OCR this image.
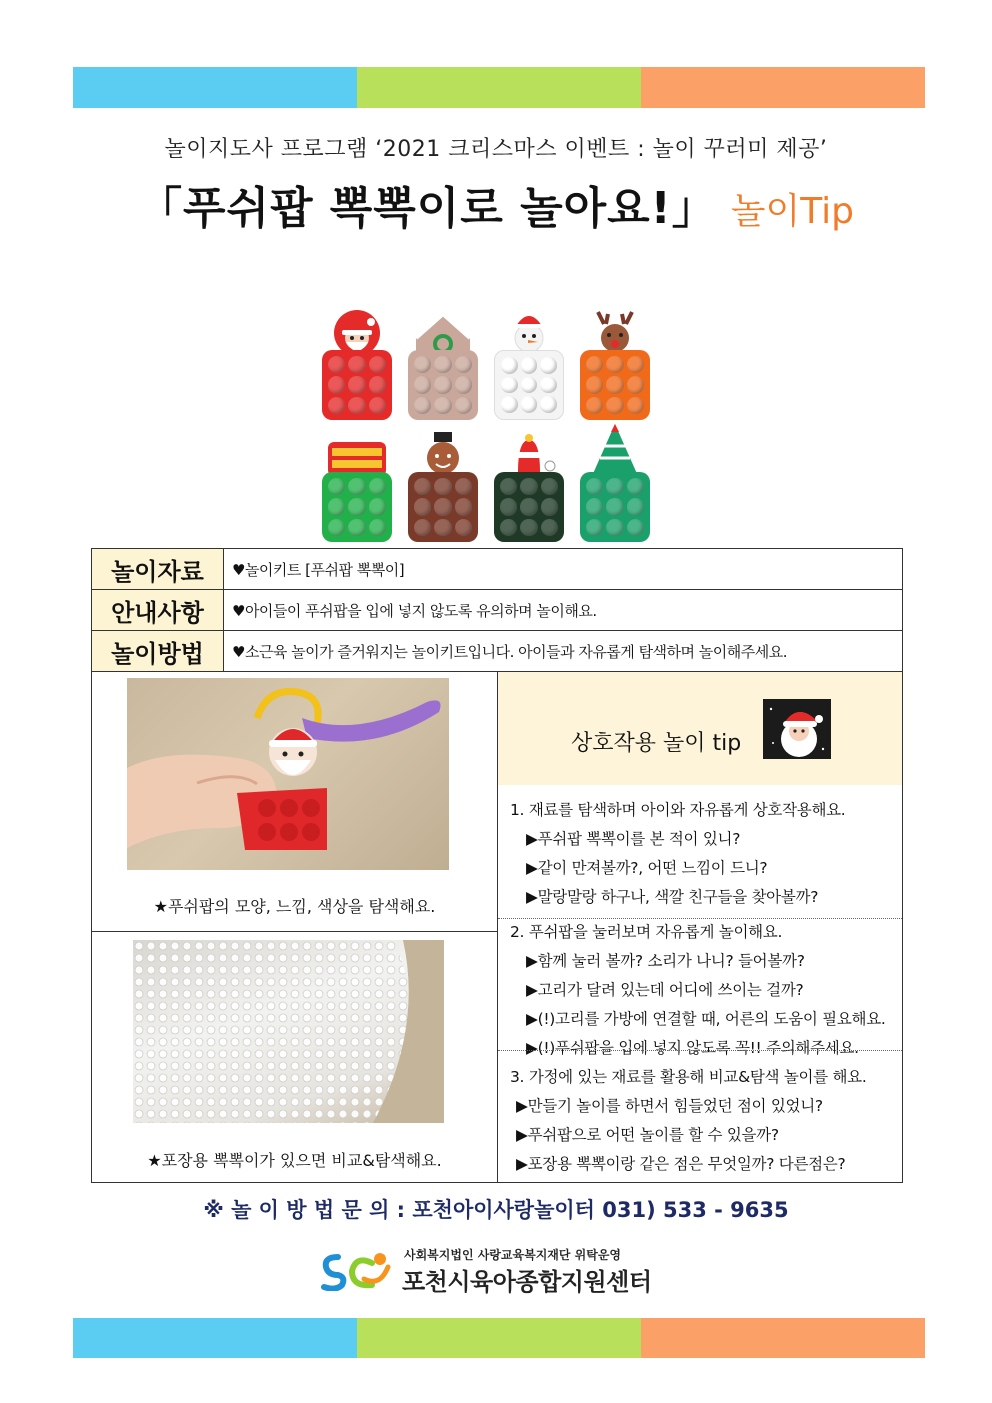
놀이지도사 프로그램 ‘2021 크리스마스 이벤트 : 놀이 꾸러미 제공’
「푸쉬팝 뽁뽁이로 놀아요!」 놀이Tip
놀이자료	♥놀이키트 [푸쉬팝 뽁뽁이]
안내사항	♥아이들이 푸쉬팝을 입에 넣지 않도록 유의하며 놀이해요.
놀이방법	♥소근육 놀이가 즐거워지는 놀이키트입니다. 아이들과 자유롭게 탐색하며 놀이해주세요.
★푸쉬팝의 모양, 느낌, 색상을 탐색해요.
★포장용 뽁뽁이가 있으면 비교&탐색해요.
상호작용 놀이 tip
1. 재료를 탐색하며 아이와 자유롭게 상호작용해요.
▶푸쉬팝 뽁뽁이를 본 적이 있니?
▶같이 만져볼까?, 어떤 느낌이 드니?
▶말랑말랑 하구나, 색깔 친구들을 찾아볼까?
2. 푸쉬팝을 눌러보며 자유롭게 놀이해요.
▶함께 눌러 볼까? 소리가 나니? 들어볼까?
▶고리가 달려 있는데 어디에 쓰이는 걸까?
▶(!)고리를 가방에 연결할 때, 어른의 도움이 필요해요.
▶(!)푸쉬팝을 입에 넣지 않도록 꼭!! 주의해주세요.
3. 가정에 있는 재료를 활용해 비교&탐색 놀이를 해요.
▶만들기 놀이를 하면서 힘들었던 점이 있었니?
▶푸쉬팝으로 어떤 놀이를 할 수 있을까?
▶포장용 뽁뽁이랑 같은 점은 무엇일까? 다른점은?
※ 놀 이 방 법 문 의 : 포천아이사랑놀이터 031) 533 - 9635
사회복지법인 사랑교육복지재단 위탁운영
포천시육아종합지원센터
